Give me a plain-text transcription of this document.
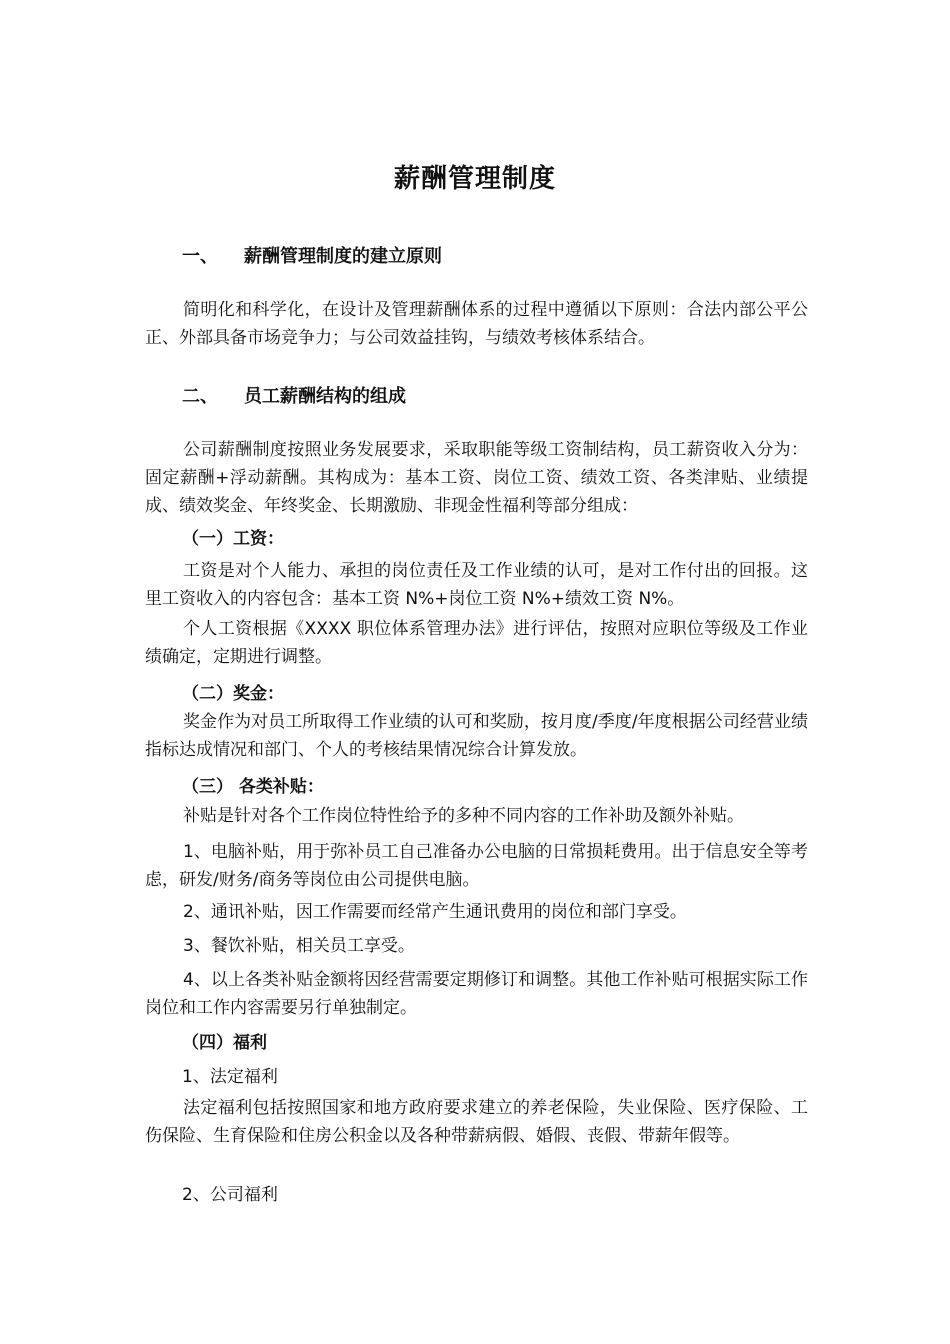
薪酬管理制度
一、 薪酬管理制度的建立原则

简明化和科学化，在设计及管理薪酬体系的过程中遵循以下原则：合法内部公平公正、外部具备市场竞争力；与公司效益挂钩，与绩效考核体系结合。

二、 员工薪酬结构的组成

公司薪酬制度按照业务发展要求，采取职能等级工资制结构，员工薪资收入分为：固定薪酬+浮动薪酬。其构成为：基本工资、岗位工资、绩效工资、各类津贴、业绩提成、绩效奖金、年终奖金、长期激励、非现金性福利等部分组成：

（一）工资：

工资是对个人能力、承担的岗位责任及工作业绩的认可，是对工作付出的回报。这里工资收入的内容包含：基本工资 N%+岗位工资 N%+绩效工资 N%。

个人工资根据《XXXX 职位体系管理办法》进行评估，按照对应职位等级及工作业绩确定，定期进行调整。

（二）奖金：

奖金作为对员工所取得工作业绩的认可和奖励，按月度/季度/年度根据公司经营业绩指标达成情况和部门、个人的考核结果情况综合计算发放。

（三） 各类补贴：

补贴是针对各个工作岗位特性给予的多种不同内容的工作补助及额外补贴。

1、电脑补贴，用于弥补员工自己准备办公电脑的日常损耗费用。出于信息安全等考虑，研发/财务/商务等岗位由公司提供电脑。

2、通讯补贴，因工作需要而经常产生通讯费用的岗位和部门享受。

3、餐饮补贴，相关员工享受。

4、以上各类补贴金额将因经营需要定期修订和调整。其他工作补贴可根据实际工作岗位和工作内容需要另行单独制定。

（四）福利
1、法定福利

法定福利包括按照国家和地方政府要求建立的养老保险，失业保险、医疗保险、工伤保险、生育保险和住房公积金以及各种带薪病假、婚假、丧假、带薪年假等。

2、公司福利
